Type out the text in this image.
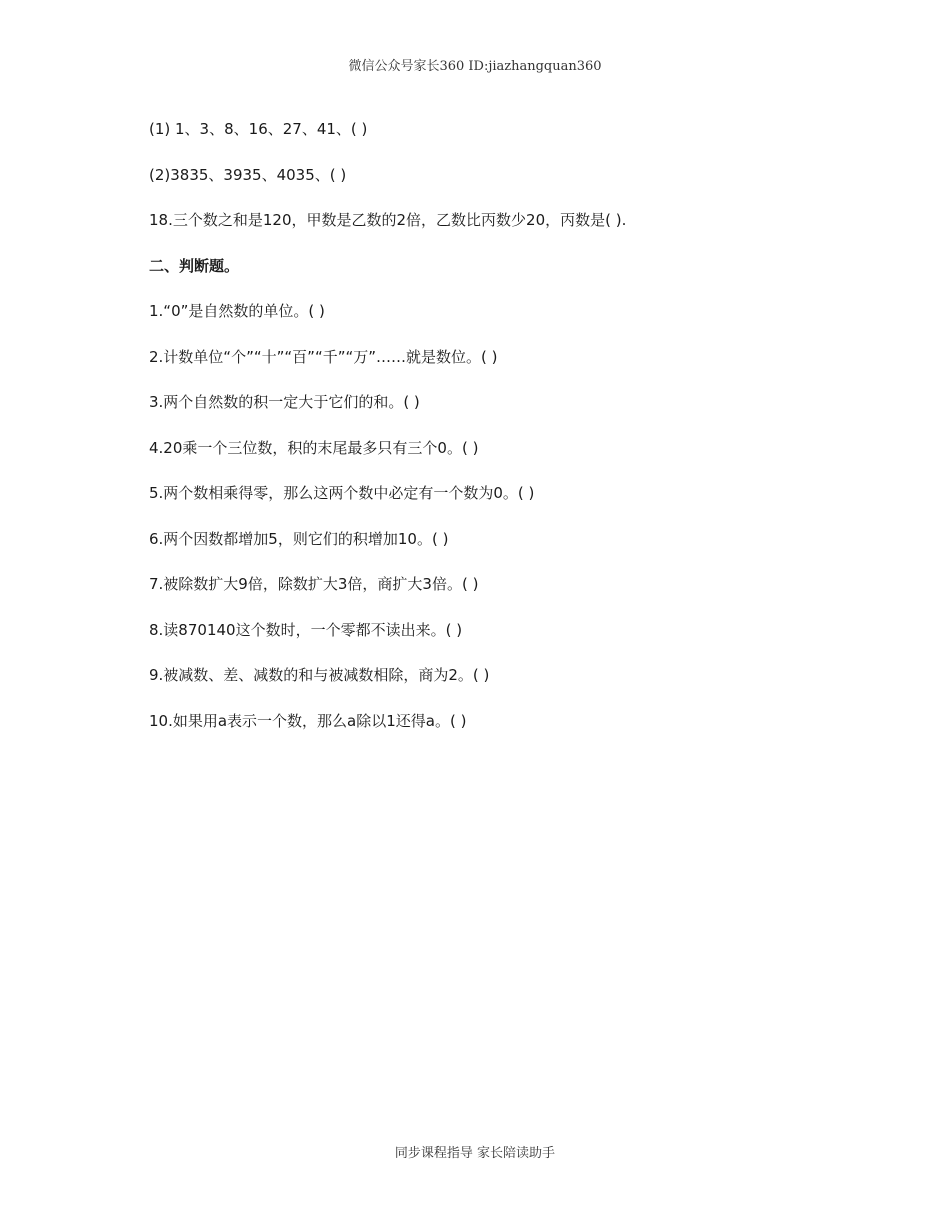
微信公众号家长360 ID:jiazhangquan360
(1) 1、3、8、16、27、41、( )
(2)3835、3935、4035、( )
18.三个数之和是120，甲数是乙数的2倍，乙数比丙数少20，丙数是( ).
二、判断题。
1.“0”是自然数的单位。( )
2.计数单位“个”“十”“百”“千”“万”……就是数位。( )
3.两个自然数的积一定大于它们的和。( )
4.20乘一个三位数，积的末尾最多只有三个0。( )
5.两个数相乘得零，那么这两个数中必定有一个数为0。( )
6.两个因数都增加5，则它们的积增加10。( )
7.被除数扩大9倍，除数扩大3倍，商扩大3倍。( )
8.读870140这个数时，一个零都不读出来。( )
9.被减数、差、减数的和与被减数相除，商为2。( )
10.如果用a表示一个数，那么a除以1还得a。( )
同步课程指导 家长陪读助手
